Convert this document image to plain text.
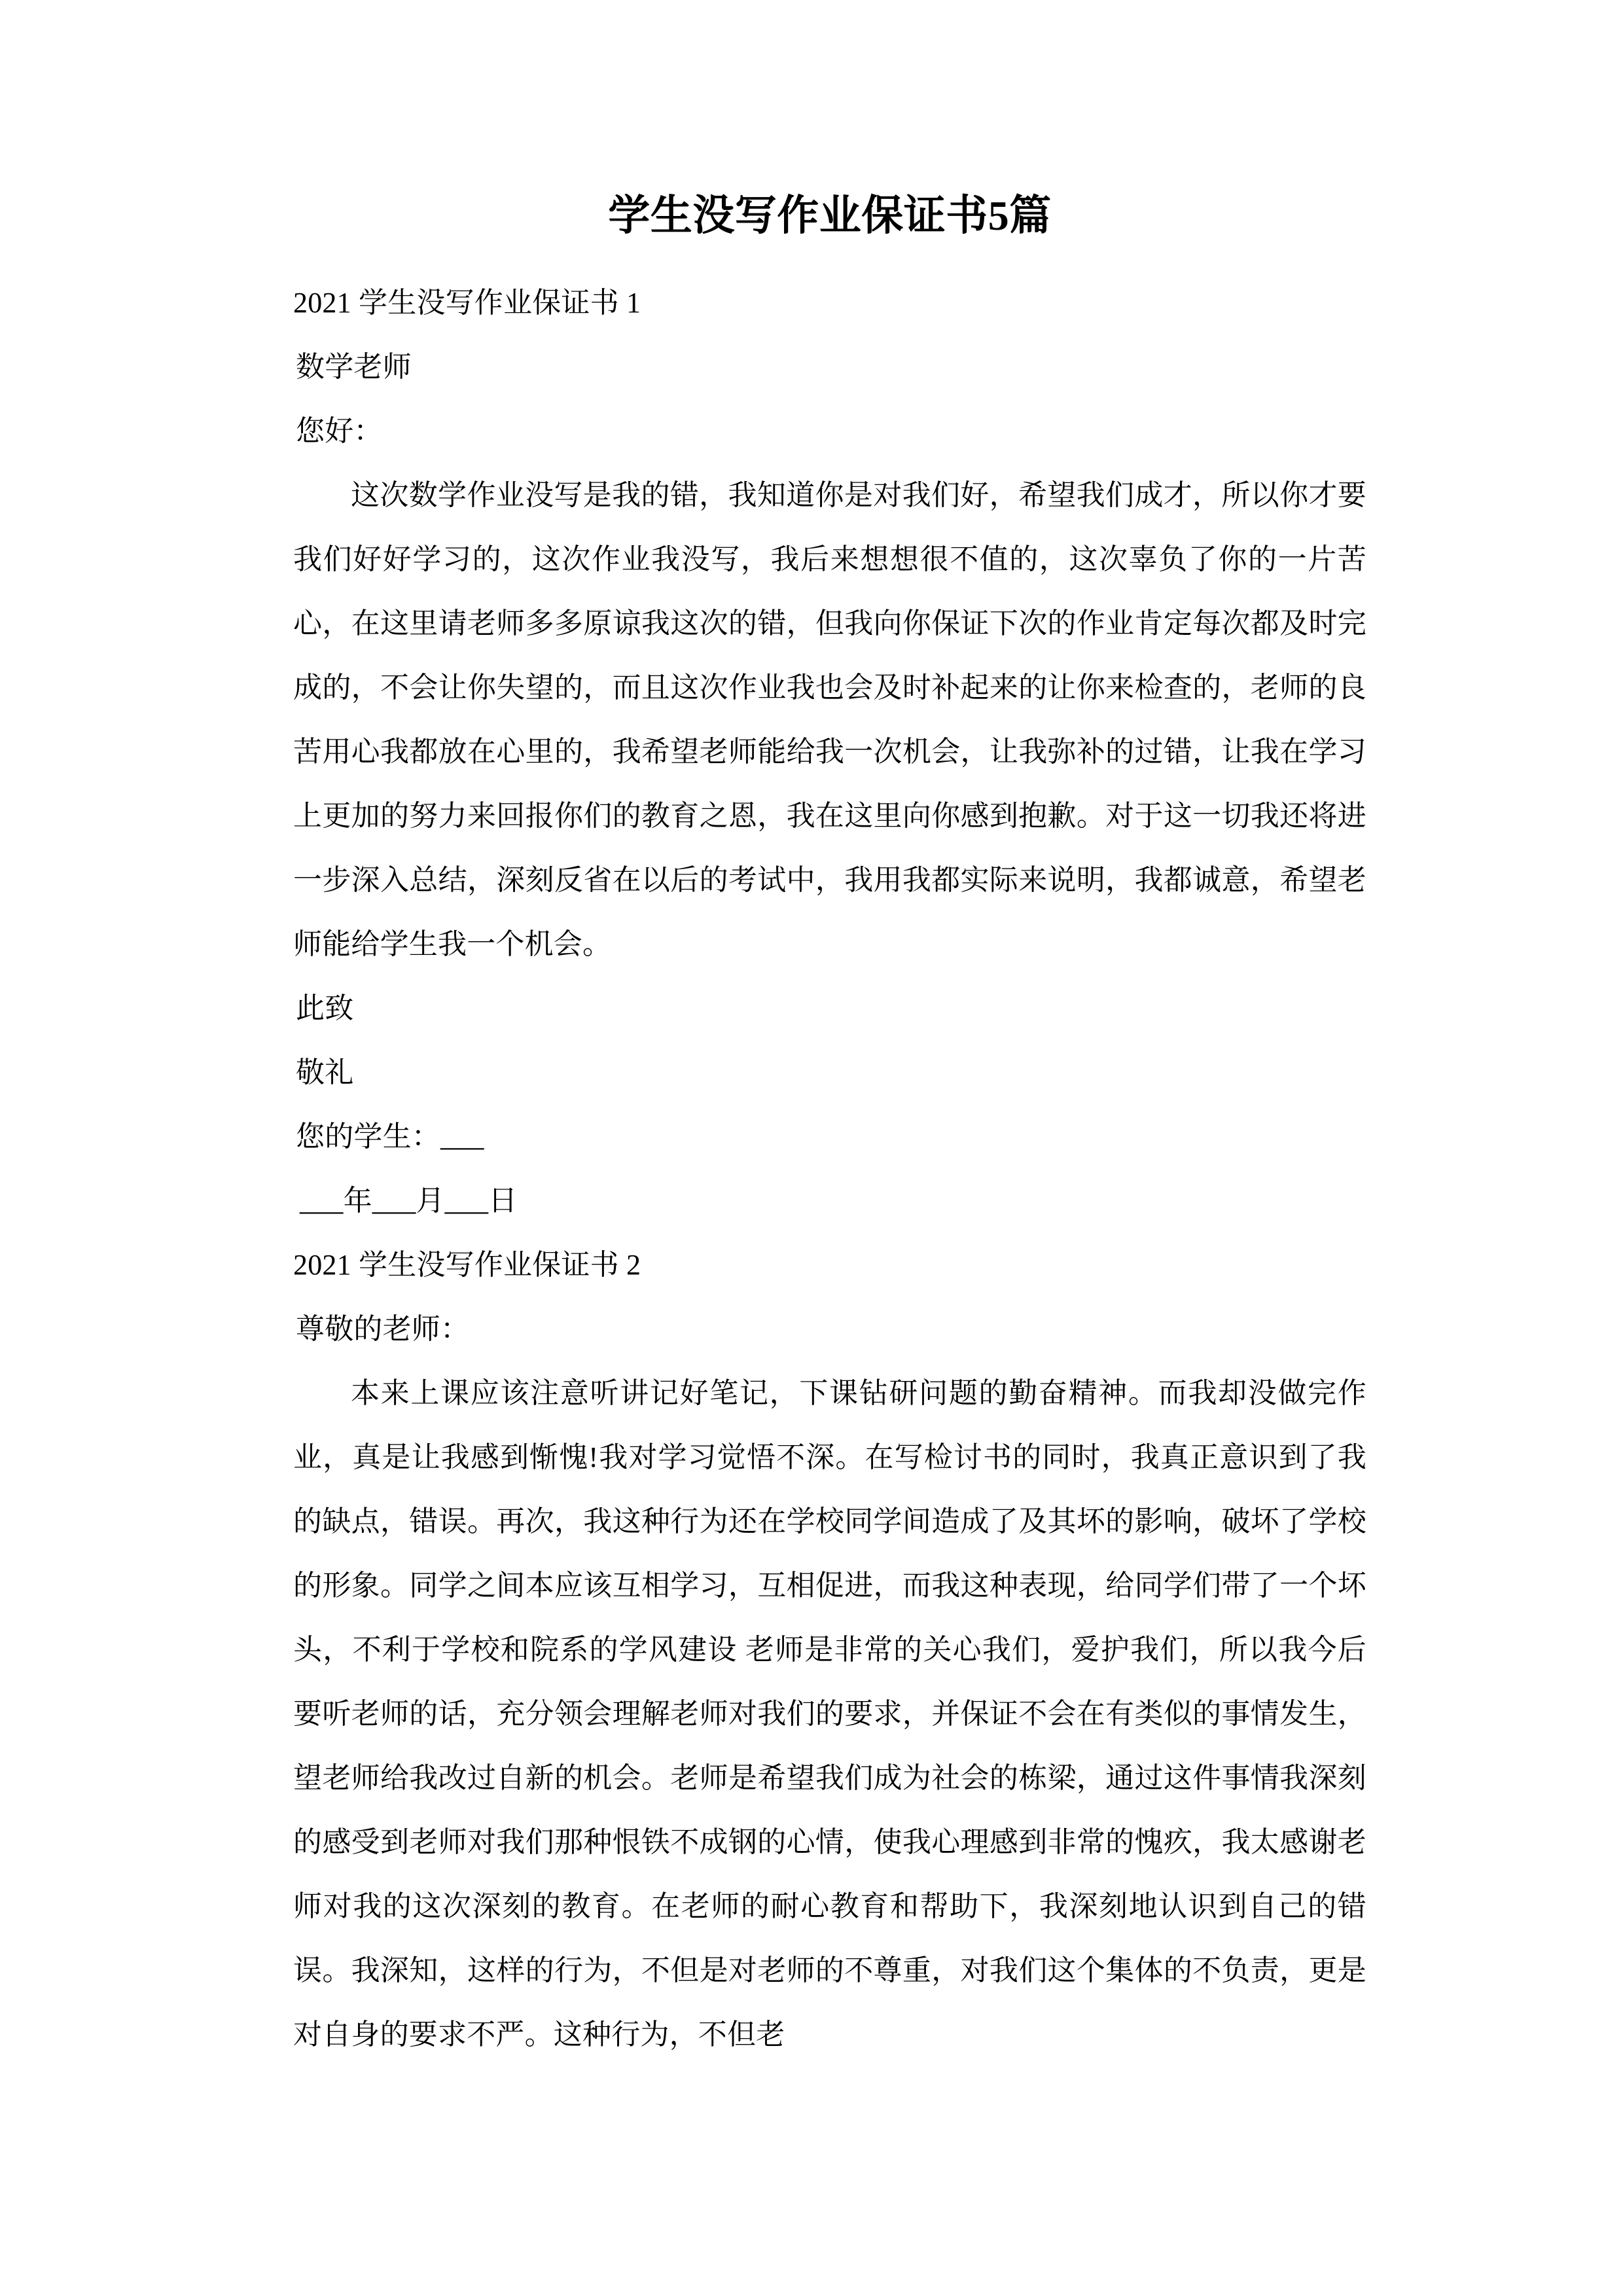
学生没写作业保证书5篇

2021 学生没写作业保证书 1

数学老师

您好：

这次数学作业没写是我的错，我知道你是对我们好，希望我们成才，所以你才要我们好好学习的，这次作业我没写，我后来想想很不值的，这次辜负了你的一片苦心，在这里请老师多多原谅我这次的错，但我向你保证下次的作业肯定每次都及时完成的，不会让你失望的，而且这次作业我也会及时补起来的让你来检查的，老师的良苦用心我都放在心里的，我希望老师能给我一次机会，让我弥补的过错，让我在学习上更加的努力来回报你们的教育之恩，我在这里向你感到抱歉。对于这一切我还将进一步深入总结，深刻反省在以后的考试中，我用我都实际来说明，我都诚意，希望老师能给学生我一个机会。

此致

敬礼

您的学生：___

___年___月___日

2021 学生没写作业保证书 2

尊敬的老师：

本来上课应该注意听讲记好笔记，下课钻研问题的勤奋精神。而我却没做完作业，真是让我感到惭愧!我对学习觉悟不深。在写检讨书的同时，我真正意识到了我的缺点，错误。再次，我这种行为还在学校同学间造成了及其坏的影响，破坏了学校的形象。同学之间本应该互相学习，互相促进，而我这种表现，给同学们带了一个坏头，不利于学校和院系的学风建设 老师是非常的关心我们，爱护我们，所以我今后要听老师的话，充分领会理解老师对我们的要求，并保证不会在有类似的事情发生，望老师给我改过自新的机会。老师是希望我们成为社会的栋梁，通过这件事情我深刻的感受到老师对我们那种恨铁不成钢的心情，使我心理感到非常的愧疚，我太感谢老师对我的这次深刻的教育。在老师的耐心教育和帮助下，我深刻地认识到自己的错误。我深知，这样的行为，不但是对老师的不尊重，对我们这个集体的不负责，更是对自身的要求不严。这种行为，不但老
